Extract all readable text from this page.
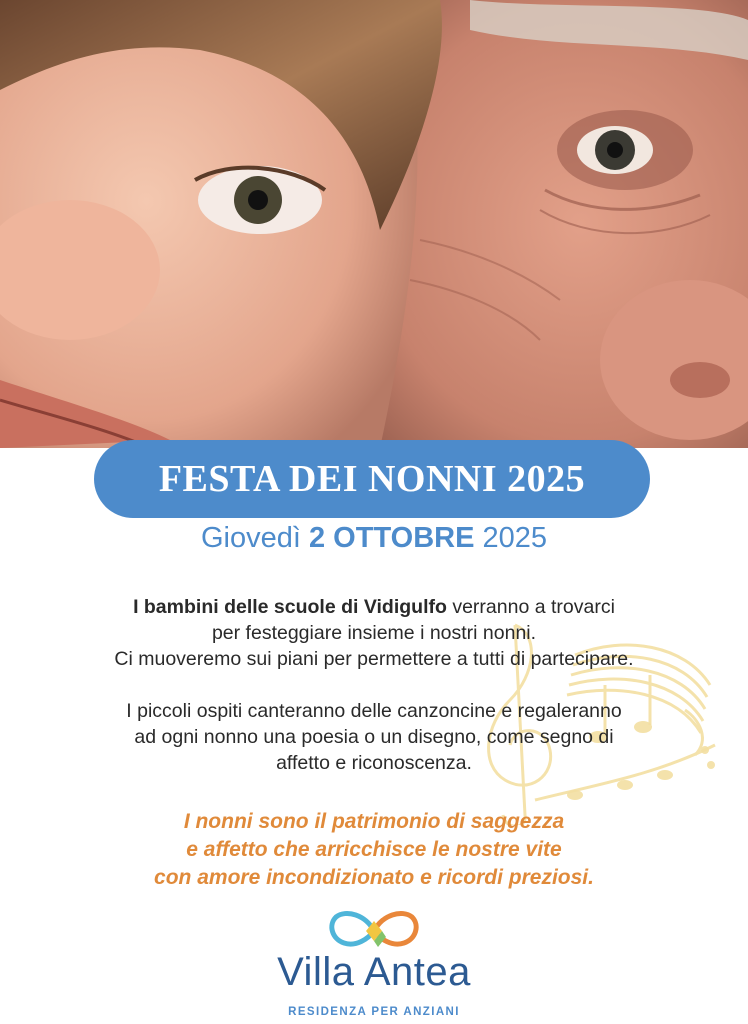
FESTA DEI NONNI 2025
Giovedì 2 OTTOBRE 2025

I bambini delle scuole di Vidigulfo verranno a trovarci

per festeggiare insieme i nostri nonni.

Ci muoveremo sui piani per permettere a tutti di partecipare.

I piccoli ospiti canteranno delle canzoncine e regaleranno

ad ogni nonno una poesia o un disegno, come segno di

affetto e riconoscenza.

I nonni sono il patrimonio di saggezza

e affetto che arricchisce le nostre vite

con amore incondizionato e ricordi preziosi.

Villa Antea
RESIDENZA PER ANZIANI
